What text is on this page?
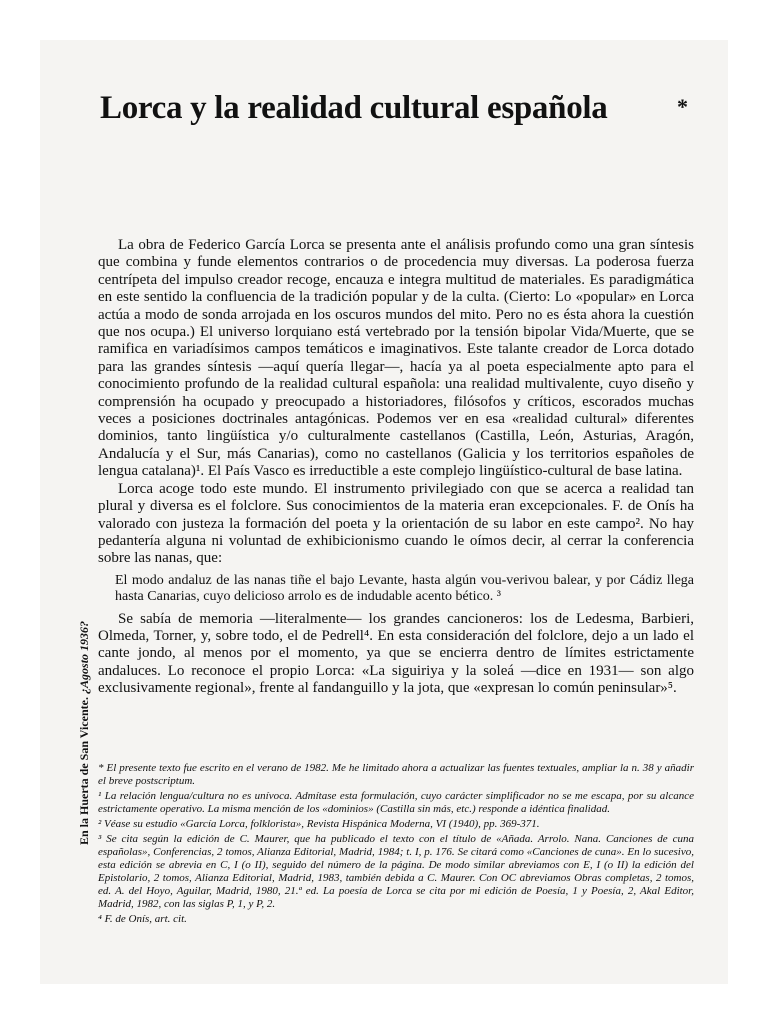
Lorca y la realidad cultural española	*
En la Huerta de San Vicente. ¿Agosto 1936?

La obra de Federico García Lorca se presenta ante el análisis profundo como una gran síntesis que combina y funde elementos contrarios o de procedencia muy diversas. La poderosa fuerza centrípeta del impulso creador recoge, encauza e integra multitud de materiales. Es paradigmática en este sentido la confluencia de la tradición popular y de la culta. (Cierto: Lo «popular» en Lorca actúa a modo de sonda arrojada en los oscuros mundos del mito. Pero no es ésta ahora la cuestión que nos ocupa.) El universo lorquiano está vertebrado por la tensión bipolar Vida/Muerte, que se ramifica en variadísimos campos temáticos e imaginativos. Este talante creador de Lorca dotado para las grandes síntesis —aquí quería llegar—, hacía ya al poeta especialmente apto para el conocimiento profundo de la realidad cultural española: una realidad multivalente, cuyo diseño y comprensión ha ocupado y preocupado a historiadores, filósofos y críticos, escorados muchas veces a posiciones doctrinales antagónicas. Podemos ver en esa «realidad cultural» diferentes dominios, tanto lingüística y/o culturalmente castellanos (Castilla, León, Asturias, Aragón, Andalucía y el Sur, más Canarias), como no castellanos (Galicia y los territorios españoles de lengua catalana)¹. El País Vasco es irreductible a este complejo lingüístico-cultural de base latina.

Lorca acoge todo este mundo. El instrumento privilegiado con que se acerca a realidad tan plural y diversa es el folclore. Sus conocimientos de la materia eran excepcionales. F. de Onís ha valorado con justeza la formación del poeta y la orientación de su labor en este campo². No hay pedantería alguna ni voluntad de exhibicionismo cuando le oímos decir, al cerrar la conferencia sobre las nanas, que:

El modo andaluz de las nanas tiñe el bajo Levante, hasta algún vou-verivou balear, y por Cádiz llega hasta Canarias, cuyo delicioso arrolo es de indudable acento bético. ³

Se sabía de memoria —literalmente— los grandes cancioneros: los de Ledesma, Barbieri, Olmeda, Torner, y, sobre todo, el de Pedrell⁴. En esta consideración del folclore, dejo a un lado el cante jondo, al menos por el momento, ya que se encierra dentro de límites estrictamente andaluces. Lo reconoce el propio Lorca: «La siguiriya y la soleá —dice en 1931— son algo exclusivamente regional», frente al fandanguillo y la jota, que «expresan lo común peninsular»⁵.

* El presente texto fue escrito en el verano de 1982. Me he limitado ahora a actualizar las fuentes textuales, ampliar la n. 38 y añadir el breve postscriptum.

¹ La relación lengua/cultura no es unívoca. Admítase esta formulación, cuyo carácter simplificador no se me escapa, por su alcance estrictamente operativo. La misma mención de los «dominios» (Castilla sin más, etc.) responde a idéntica finalidad.

² Véase su estudio «García Lorca, folklorista», Revista Hispánica Moderna, VI (1940), pp. 369-371.

³ Se cita según la edición de C. Maurer, que ha publicado el texto con el título de «Añada. Arrolo. Nana. Canciones de cuna españolas», Conferencias, 2 tomos, Alianza Editorial, Madrid, 1984; t. I, p. 176. Se citará como «Canciones de cuna». En lo sucesivo, esta edición se abrevia en C, I (o II), seguido del número de la página. De modo similar abreviamos con E, I (o II) la edición del Epistolario, 2 tomos, Alianza Editorial, Madrid, 1983, también debida a C. Maurer. Con OC abreviamos Obras completas, 2 tomos, ed. A. del Hoyo, Aguilar, Madrid, 1980, 21.ª ed. La poesía de Lorca se cita por mi edición de Poesía, 1 y Poesía, 2, Akal Editor, Madrid, 1982, con las siglas P, 1, y P, 2.

⁴ F. de Onís, art. cit.
